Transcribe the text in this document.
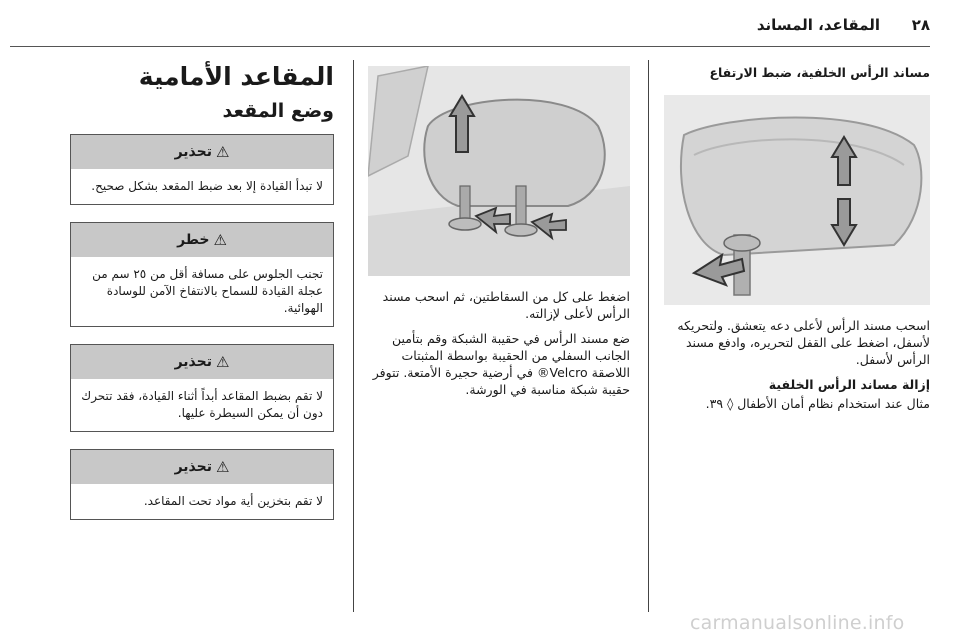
٢٨
المقاعد، المساند
مساند الرأس الخلفية، ضبط الارتفاع
اسحب مسند الرأس لأعلى دعه يتعشق. ولتحريكه لأسفل، اضغط على القفل لتحريره، وادفع مسند الرأس لأسفل.
إزالة مساند الرأس الخلفية
مثال عند استخدام نظام أمان الأطفال ◊ ٣٩.
اضغط على كل من السقاطتين، ثم اسحب مسند الرأس لأعلى لإزالته.
ضع مسند الرأس في حقيبة الشبكة وقم بتأمين الجانب السفلي من الحقيبة بواسطة المثبتات اللاصقة Velcro® في أرضية حجيرة الأمتعة. تتوفر حقيبة شبكة مناسبة في الورشة.
المقاعد الأمامية
وضع المقعد
⚠
تحذير
لا تبدأ القيادة إلا بعد ضبط المقعد بشكل صحيح.
⚠
خطر
تجنب الجلوس على مسافة أقل من ٢٥ سم من عجلة القيادة للسماح بالانتفاخ الآمن للوسادة الهوائية.
⚠
تحذير
لا تقم بضبط المقاعد أبداً أثناء القيادة، فقد تتحرك دون أن يمكن السيطرة عليها.
⚠
تحذير
لا تقم بتخزين أية مواد تحت المقاعد.
carmanualsonline.info
